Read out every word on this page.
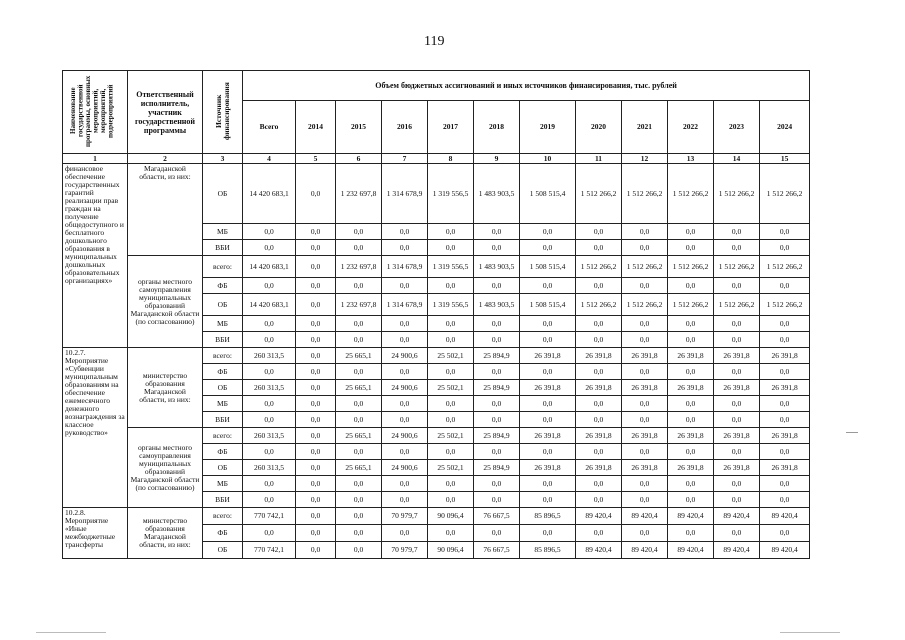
119
Наименование государственной программы, основных мероприятий, мероприятий, подмероприятий	Ответственный исполнитель, участник государственной программы	Источник финансирования	Объем бюджетных ассигнований и иных источников финансирования, тыс. рублей											
			Всего	2014	2015	2016	2017	2018	2019	2020	2021	2022	2023	2024
1	2	3	4	5	6	7	8	9	10	11	12	13	14	15
финансовое обеспечение государственных гарантий реализации прав граждан на получение общедоступного и бесплатного дошкольного образования в муниципальных дошкольных образовательных организациях»	Магаданской области, из них:	ОБ	14 420 683,1	0,0	1 232 697,8	1 314 678,9	1 319 556,5	1 483 903,5	1 508 515,4	1 512 266,2	1 512 266,2	1 512 266,2	1 512 266,2	1 512 266,2
		МБ	0,0	0,0	0,0	0,0	0,0	0,0	0,0	0,0	0,0	0,0	0,0	0,0
		ВБИ	0,0	0,0	0,0	0,0	0,0	0,0	0,0	0,0	0,0	0,0	0,0	0,0
	органы местного самоуправления муниципальных образований Магаданской области (по согласованию)	всего:	14 420 683,1	0,0	1 232 697,8	1 314 678,9	1 319 556,5	1 483 903,5	1 508 515,4	1 512 266,2	1 512 266,2	1 512 266,2	1 512 266,2	1 512 266,2
		ФБ	0,0	0,0	0,0	0,0	0,0	0,0	0,0	0,0	0,0	0,0	0,0	0,0
		ОБ	14 420 683,1	0,0	1 232 697,8	1 314 678,9	1 319 556,5	1 483 903,5	1 508 515,4	1 512 266,2	1 512 266,2	1 512 266,2	1 512 266,2	1 512 266,2
		МБ	0,0	0,0	0,0	0,0	0,0	0,0	0,0	0,0	0,0	0,0	0,0	0,0
		ВБИ	0,0	0,0	0,0	0,0	0,0	0,0	0,0	0,0	0,0	0,0	0,0	0,0
10.2.7. Мероприятие «Субвенции муниципальным образованиям на обеспечение ежемесячного денежного вознаграждения за классное руководство»	министерство образования Магаданской области, из них:	всего:	260 313,5	0,0	25 665,1	24 900,6	25 502,1	25 894,9	26 391,8	26 391,8	26 391,8	26 391,8	26 391,8	26 391,8
		ФБ	0,0	0,0	0,0	0,0	0,0	0,0	0,0	0,0	0,0	0,0	0,0	0,0
		ОБ	260 313,5	0,0	25 665,1	24 900,6	25 502,1	25 894,9	26 391,8	26 391,8	26 391,8	26 391,8	26 391,8	26 391,8
		МБ	0,0	0,0	0,0	0,0	0,0	0,0	0,0	0,0	0,0	0,0	0,0	0,0
		ВБИ	0,0	0,0	0,0	0,0	0,0	0,0	0,0	0,0	0,0	0,0	0,0	0,0
	органы местного самоуправления муниципальных образований Магаданской области (по согласованию)	всего:	260 313,5	0,0	25 665,1	24 900,6	25 502,1	25 894,9	26 391,8	26 391,8	26 391,8	26 391,8	26 391,8	26 391,8
		ФБ	0,0	0,0	0,0	0,0	0,0	0,0	0,0	0,0	0,0	0,0	0,0	0,0
		ОБ	260 313,5	0,0	25 665,1	24 900,6	25 502,1	25 894,9	26 391,8	26 391,8	26 391,8	26 391,8	26 391,8	26 391,8
		МБ	0,0	0,0	0,0	0,0	0,0	0,0	0,0	0,0	0,0	0,0	0,0	0,0
		ВБИ	0,0	0,0	0,0	0,0	0,0	0,0	0,0	0,0	0,0	0,0	0,0	0,0
10.2.8. Мероприятие «Иные межбюджетные трансферты	министерство образования Магаданской области, из них:	всего:	770 742,1	0,0	0,0	70 979,7	90 096,4	76 667,5	85 896,5	89 420,4	89 420,4	89 420,4	89 420,4	89 420,4
		ФБ	0,0	0,0	0,0	0,0	0,0	0,0	0,0	0,0	0,0	0,0	0,0	0,0
		ОБ	770 742,1	0,0	0,0	70 979,7	90 096,4	76 667,5	85 896,5	89 420,4	89 420,4	89 420,4	89 420,4	89 420,4
